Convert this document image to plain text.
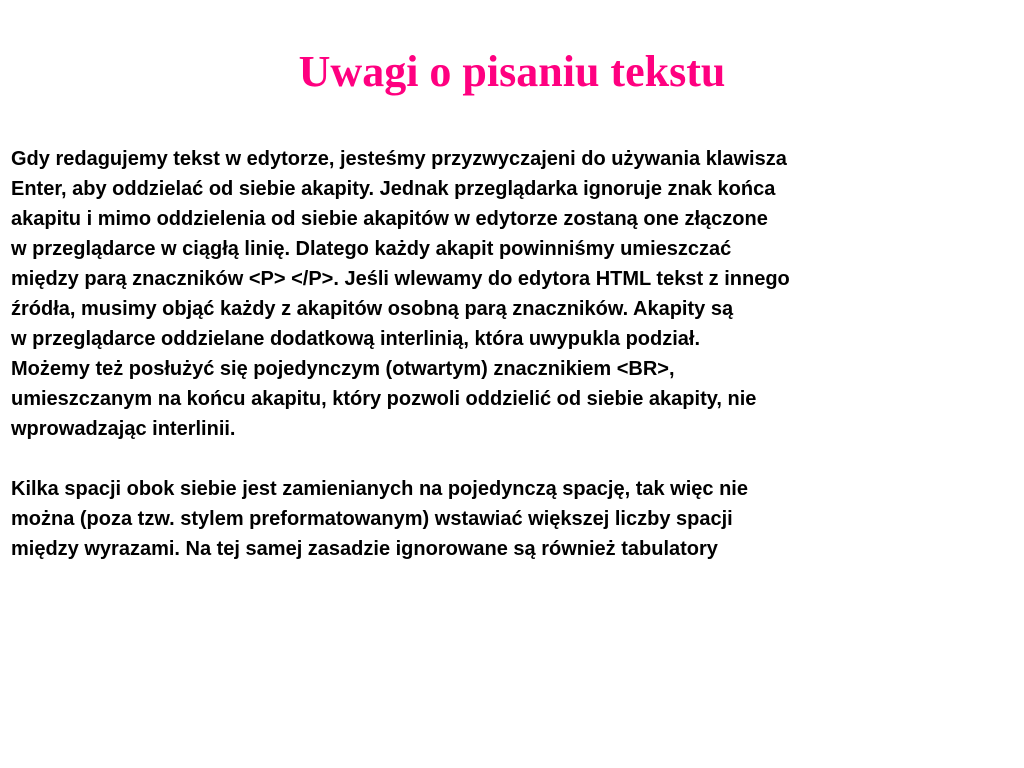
Uwagi o pisaniu tekstu
Gdy redagujemy tekst w edytorze, jesteśmy przyzwyczajeni do używania klawisza
Enter, aby oddzielać od siebie akapity. Jednak przeglądarka ignoruje znak końca
akapitu i mimo oddzielenia od siebie akapitów w edytorze zostaną one złączone
w przeglądarce w ciągłą linię. Dlatego każdy akapit powinniśmy umieszczać
między parą znaczników <P> </P>. Jeśli wlewamy do edytora HTML tekst z innego
źródła, musimy objąć każdy z akapitów osobną parą znaczników. Akapity są
w przeglądarce oddzielane dodatkową interlinią, która uwypukla podział.
Możemy też posłużyć się pojedynczym (otwartym) znacznikiem <BR>,
umieszczanym na końcu akapitu, który pozwoli oddzielić od siebie akapity, nie
wprowadzając interlinii.
Kilka spacji obok siebie jest zamienianych na pojedynczą spację, tak więc nie
można (poza tzw. stylem preformatowanym) wstawiać większej liczby spacji
między wyrazami. Na tej samej zasadzie ignorowane są również tabulatory
